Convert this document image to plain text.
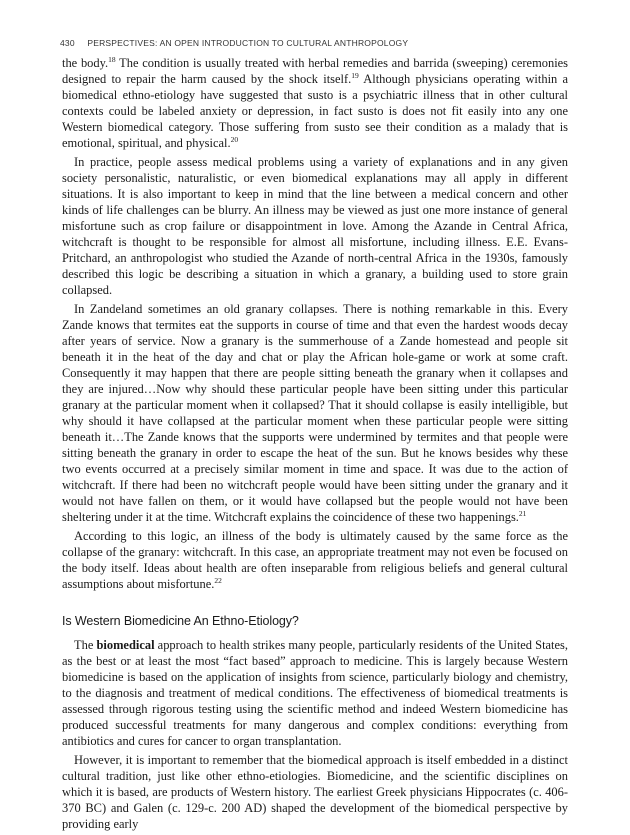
430 PERSPECTIVES: AN OPEN INTRODUCTION TO CULTURAL ANTHROPOLOGY

the body.$^{18}$ The condition is usually treated with herbal remedies and barrida (sweeping) ceremonies designed to repair the harm caused by the shock itself.$^{19}$ Although physicians operating within a biomedical ethno-etiology have suggested that susto is a psychiatric illness that in other cultural contexts could be labeled anxiety or depression, in fact susto is does not fit easily into any one Western biomedical category. Those suffering from susto see their condition as a malady that is emotional, spiritual, and physical.$^{20}$

In practice, people assess medical problems using a variety of explanations and in any given society personalistic, naturalistic, or even biomedical explanations may all apply in different situations. It is also important to keep in mind that the line between a medical concern and other kinds of life challenges can be blurry. An illness may be viewed as just one more instance of general misfortune such as crop failure or disappointment in love. Among the Azande in Central Africa, witchcraft is thought to be responsible for almost all misfortune, including illness. E.E. Evans-Pritchard, an anthropologist who studied the Azande of north-central Africa in the 1930s, famously described this logic be describing a situation in which a granary, a building used to store grain collapsed.

In Zandeland sometimes an old granary collapses. There is nothing remarkable in this. Every Zande knows that termites eat the supports in course of time and that even the hardest woods decay after years of service. Now a granary is the summerhouse of a Zande homestead and people sit beneath it in the heat of the day and chat or play the African hole-game or work at some craft. Consequently it may happen that there are people sitting beneath the granary when it collapses and they are injured…Now why should these particular people have been sitting under this particular granary at the particular moment when it collapsed? That it should collapse is easily intelligible, but why should it have collapsed at the particular moment when these particular people were sitting beneath it…The Zande knows that the supports were undermined by termites and that people were sitting beneath the granary in order to escape the heat of the sun. But he knows besides why these two events occurred at a precisely similar moment in time and space. It was due to the action of witchcraft. If there had been no witchcraft people would have been sitting under the granary and it would not have fallen on them, or it would have collapsed but the people would not have been sheltering under it at the time. Witchcraft explains the coincidence of these two happenings.$^{21}$

According to this logic, an illness of the body is ultimately caused by the same force as the collapse of the granary: witchcraft. In this case, an appropriate treatment may not even be focused on the body itself. Ideas about health are often inseparable from religious beliefs and general cultural assumptions about misfortune.$^{22}$

Is Western Biomedicine An Ethno-Etiology?

The biomedical approach to health strikes many people, particularly residents of the United States, as the best or at least the most “fact based” approach to medicine. This is largely because Western biomedicine is based on the application of insights from science, particularly biology and chemistry, to the diagnosis and treatment of medical conditions. The effectiveness of biomedical treatments is assessed through rigorous testing using the scientific method and indeed Western biomedicine has produced successful treatments for many dangerous and complex conditions: everything from antibiotics and cures for cancer to organ transplantation.

However, it is important to remember that the biomedical approach is itself embedded in a distinct cultural tradition, just like other ethno-etiologies. Biomedicine, and the scientific disciplines on which it is based, are products of Western history. The earliest Greek physicians Hippocrates (c. 406-370 BC) and Galen (c. 129-c. 200 AD) shaped the development of the biomedical perspective by providing early
